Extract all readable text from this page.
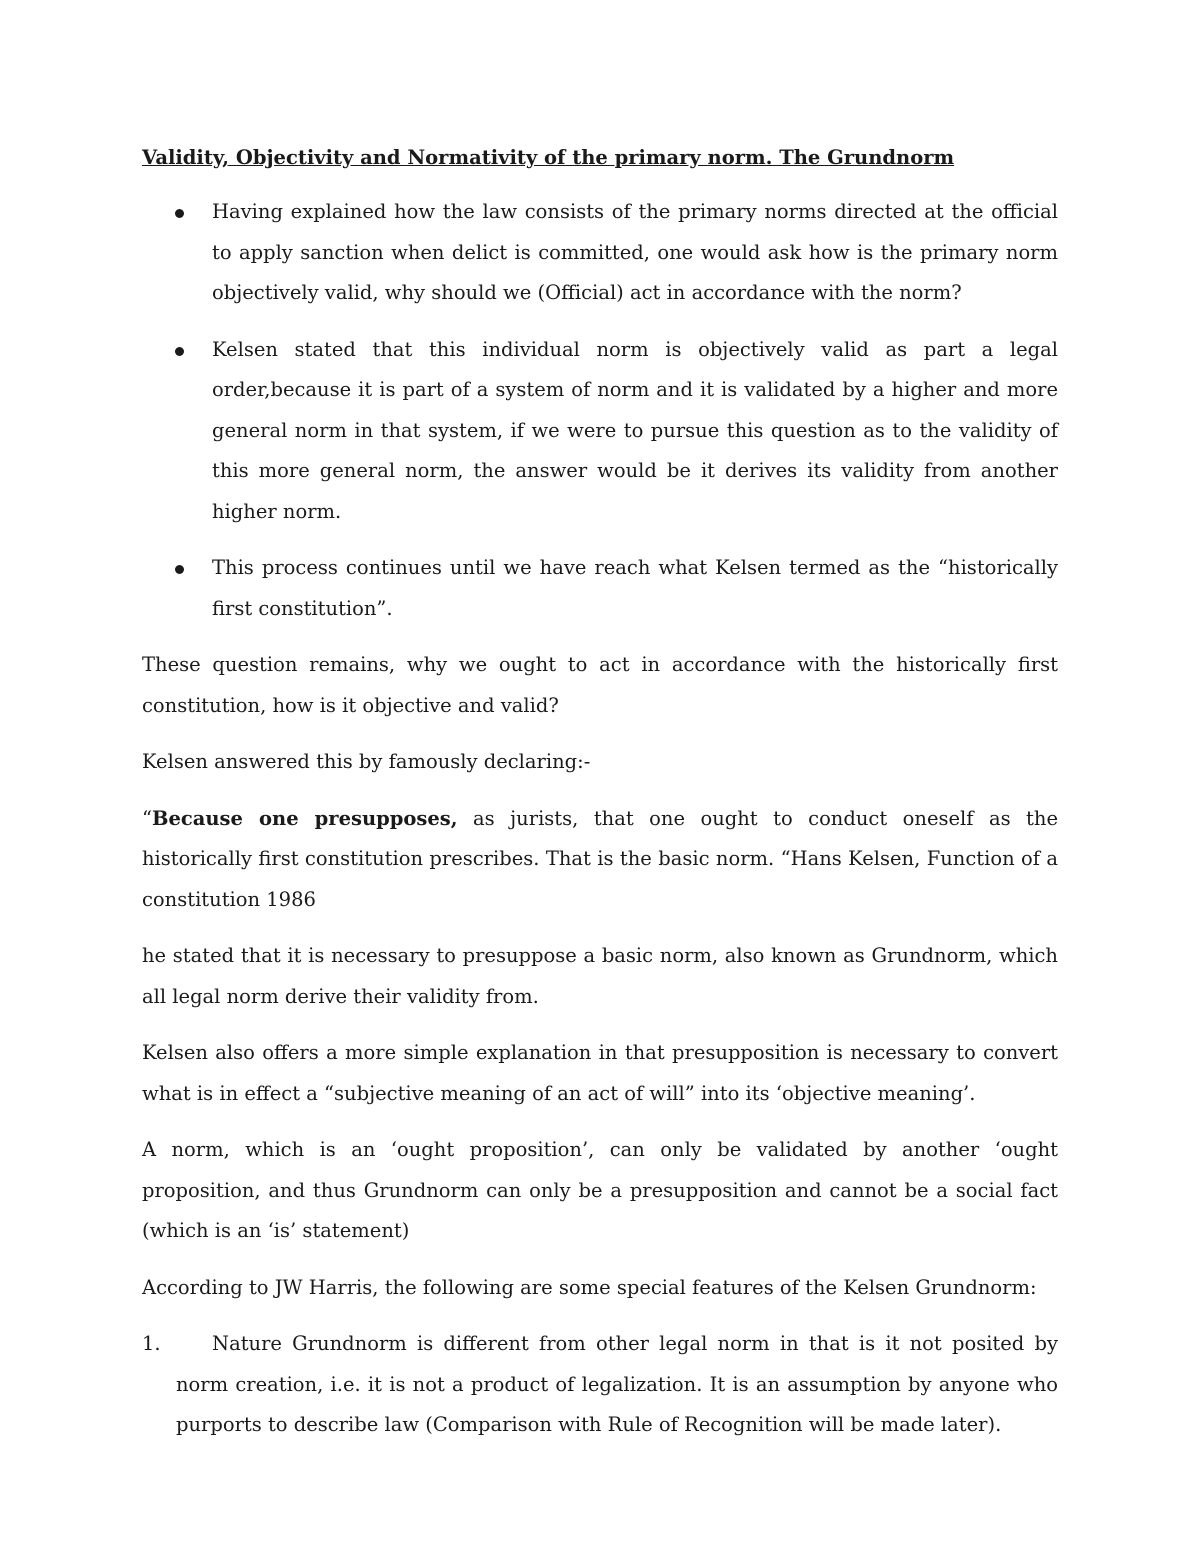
Validity, Objectivity and Normativity of the primary norm. The Grundnorm
Having explained how the law consists of the primary norms directed at the official to apply sanction when delict is committed, one would ask how is the primary norm objectively valid, why should we (Official) act in accordance with the norm?
Kelsen stated that this individual norm is objectively valid as part a legal order,because it is part of a system of norm and it is validated by a higher and more general norm in that system, if we were to pursue this question as to the validity of this more general norm, the answer would be it derives its validity from another higher norm.
This process continues until we have reach what Kelsen termed as the “historically first constitution”.

These question remains, why we ought to act in accordance with the historically first constitution, how is it objective and valid?

Kelsen answered this by famously declaring:-

“Because one presupposes, as jurists, that one ought to conduct oneself as the historically first constitution prescribes. That is the basic norm. “Hans Kelsen, Function of a constitution 1986

he stated that it is necessary to presuppose a basic norm, also known as Grundnorm, which all legal norm derive their validity from.

Kelsen also offers a more simple explanation in that presupposition is necessary to convert what is in effect a “subjective meaning of an act of will” into its ‘objective meaning’.

A norm, which is an ‘ought proposition’, can only be validated by another ‘ought proposition, and thus Grundnorm can only be a presupposition and cannot be a social fact (which is an ‘is’ statement)

According to JW Harris, the following are some special features of the Kelsen Grundnorm:

1.	Nature Grundnorm is different from other legal norm in that is it not posited by norm creation, i.e. it is not a product of legalization. It is an assumption by anyone who purports to describe law (Comparison with Rule of Recognition will be made later).
